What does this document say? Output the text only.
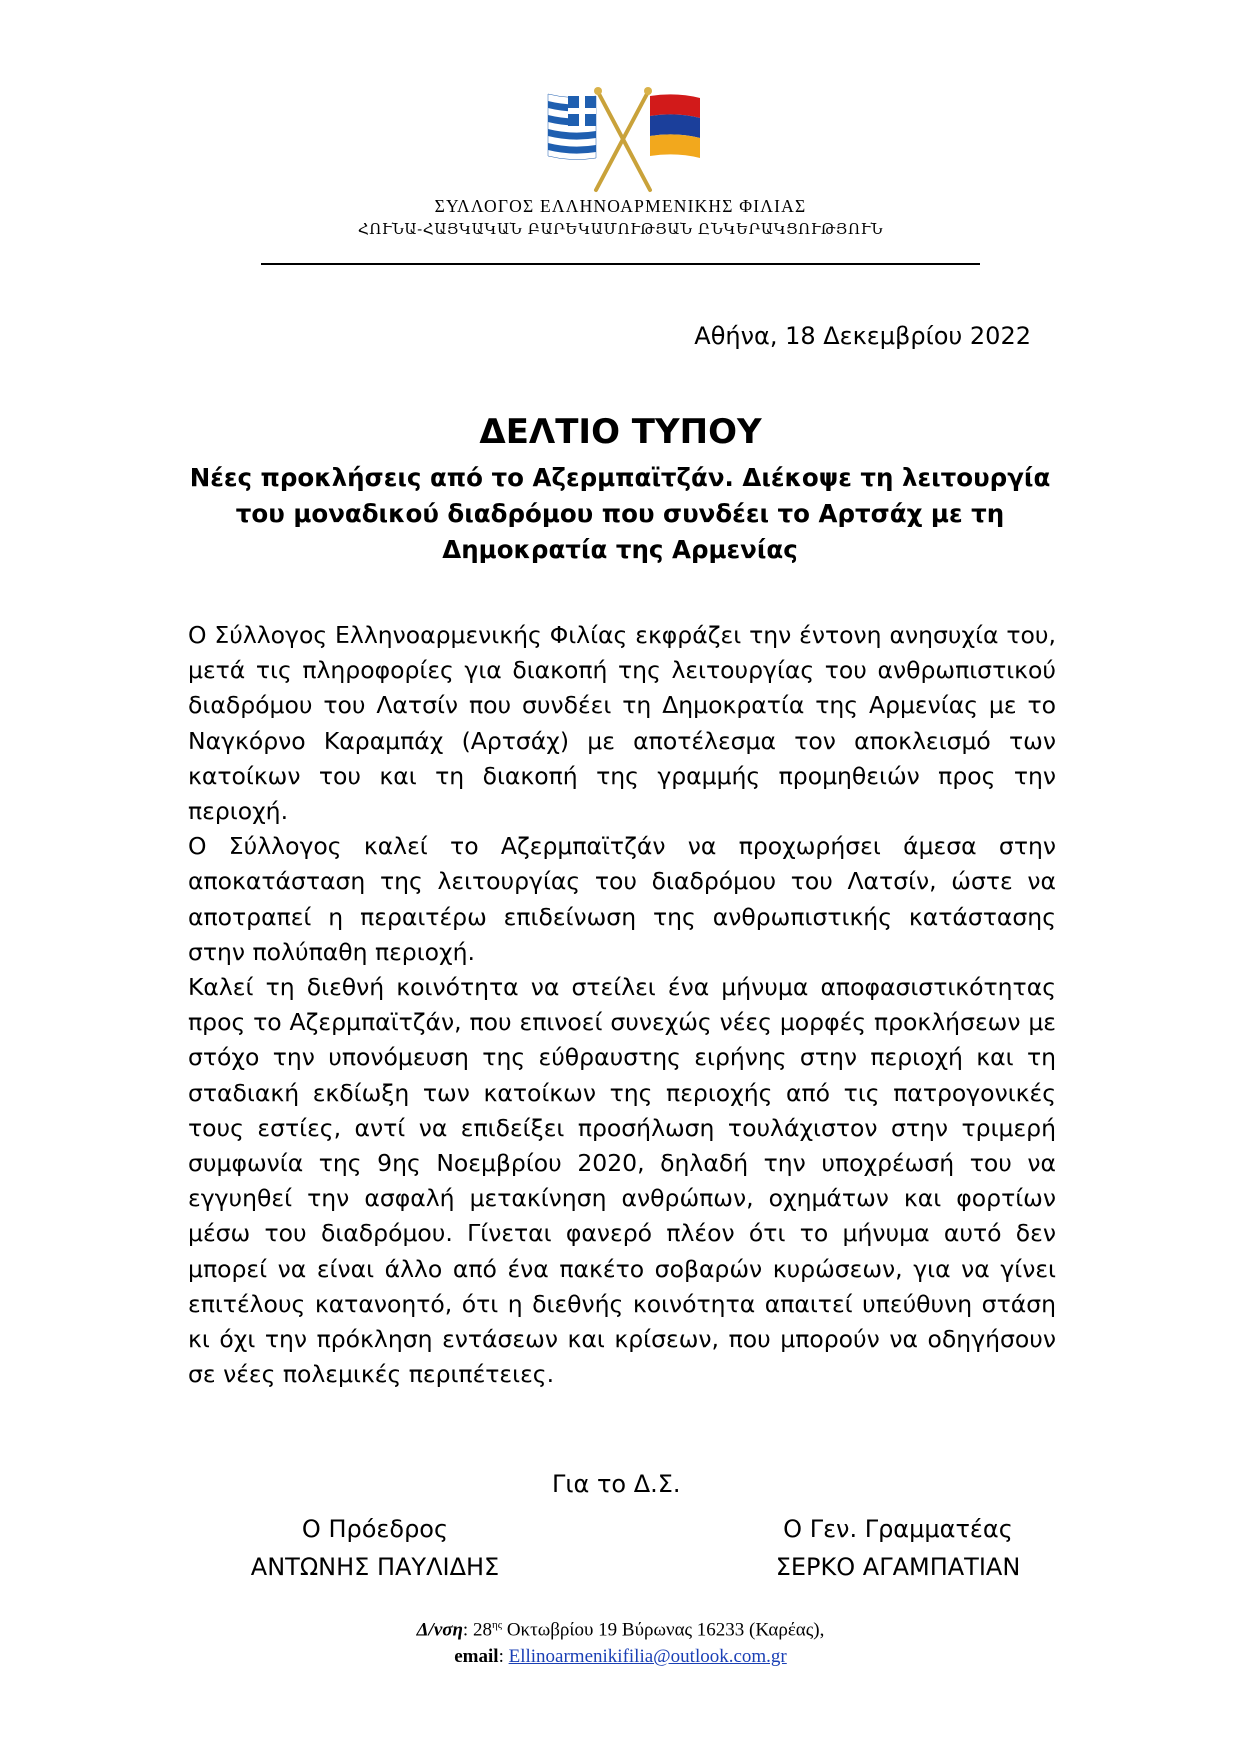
ΣΥΛΛΟΓΟΣ ΕΛΛΗΝΟΑΡΜΕΝΙΚΗΣ ΦΙΛΙΑΣ
ՀՈՒՆԱ-ՀԱՅԿԱԿԱՆ ԲԱՐԵԿԱՄՈՒԹՅԱՆ ԸՆԿԵՐԱԿՑՈՒԹՅՈՒՆ
Αθήνα, 18 Δεκεμβρίου 2022
ΔΕΛΤΙΟ ΤΥΠΟΥ
Νέες προκλήσεις από το Αζερμπαϊτζάν. Διέκοψε τη λειτουργία του μοναδικού διαδρόμου που συνδέει το Αρτσάχ με τη Δημοκρατία της Αρμενίας

Ο Σύλλογος Ελληνοαρμενικής Φιλίας εκφράζει την έντονη ανησυχία του, μετά τις πληροφορίες για διακοπή της λειτουργίας του ανθρωπιστικού διαδρόμου του Λατσίν που συνδέει τη Δημοκρατία της Αρμενίας με το Ναγκόρνο Καραμπάχ (Αρτσάχ) με αποτέλεσμα τον αποκλεισμό των κατοίκων του και τη διακοπή της γραμμής προμηθειών προς την περιοχή.

Ο Σύλλογος καλεί το Αζερμπαϊτζάν να προχωρήσει άμεσα στην αποκατάσταση της λειτουργίας του διαδρόμου του Λατσίν, ώστε να αποτραπεί η περαιτέρω επιδείνωση της ανθρωπιστικής κατάστασης στην πολύπαθη περιοχή.

Καλεί τη διεθνή κοινότητα να στείλει ένα μήνυμα αποφασιστικότητας προς το Αζερμπαϊτζάν, που επινοεί συνεχώς νέες μορφές προκλήσεων με στόχο την υπονόμευση της εύθραυστης ειρήνης στην περιοχή και τη σταδιακή εκδίωξη των κατοίκων της περιοχής από τις πατρογονικές τους εστίες, αντί να επιδείξει προσήλωση τουλάχιστον στην τριμερή συμφωνία της 9ης Νοεμβρίου 2020, δηλαδή την υποχρέωσή του να εγγυηθεί την ασφαλή μετακίνηση ανθρώπων, οχημάτων και φορτίων μέσω του διαδρόμου. Γίνεται φανερό πλέον ότι το μήνυμα αυτό δεν μπορεί να είναι άλλο από ένα πακέτο σοβαρών κυρώσεων, για να γίνει επιτέλους κατανοητό, ότι η διεθνής κοινότητα απαιτεί υπεύθυνη στάση κι όχι την πρόκληση εντάσεων και κρίσεων, που μπορούν να οδηγήσουν σε νέες πολεμικές περιπέτειες.

Για το Δ.Σ.
Ο Πρόεδρος
ΑΝΤΩΝΗΣ ΠΑΥΛΙΔΗΣ
Ο Γεν. Γραμματέας
ΣΕΡΚΟ ΑΓΑΜΠΑΤΙΑΝ
Δ/νση: $28^{\eta\varsigma}$ Οκτωβρίου 19 Βύρωνας 16233 (Καρέας),
email: Ellinoarmenikifilia@outlook.com.gr
